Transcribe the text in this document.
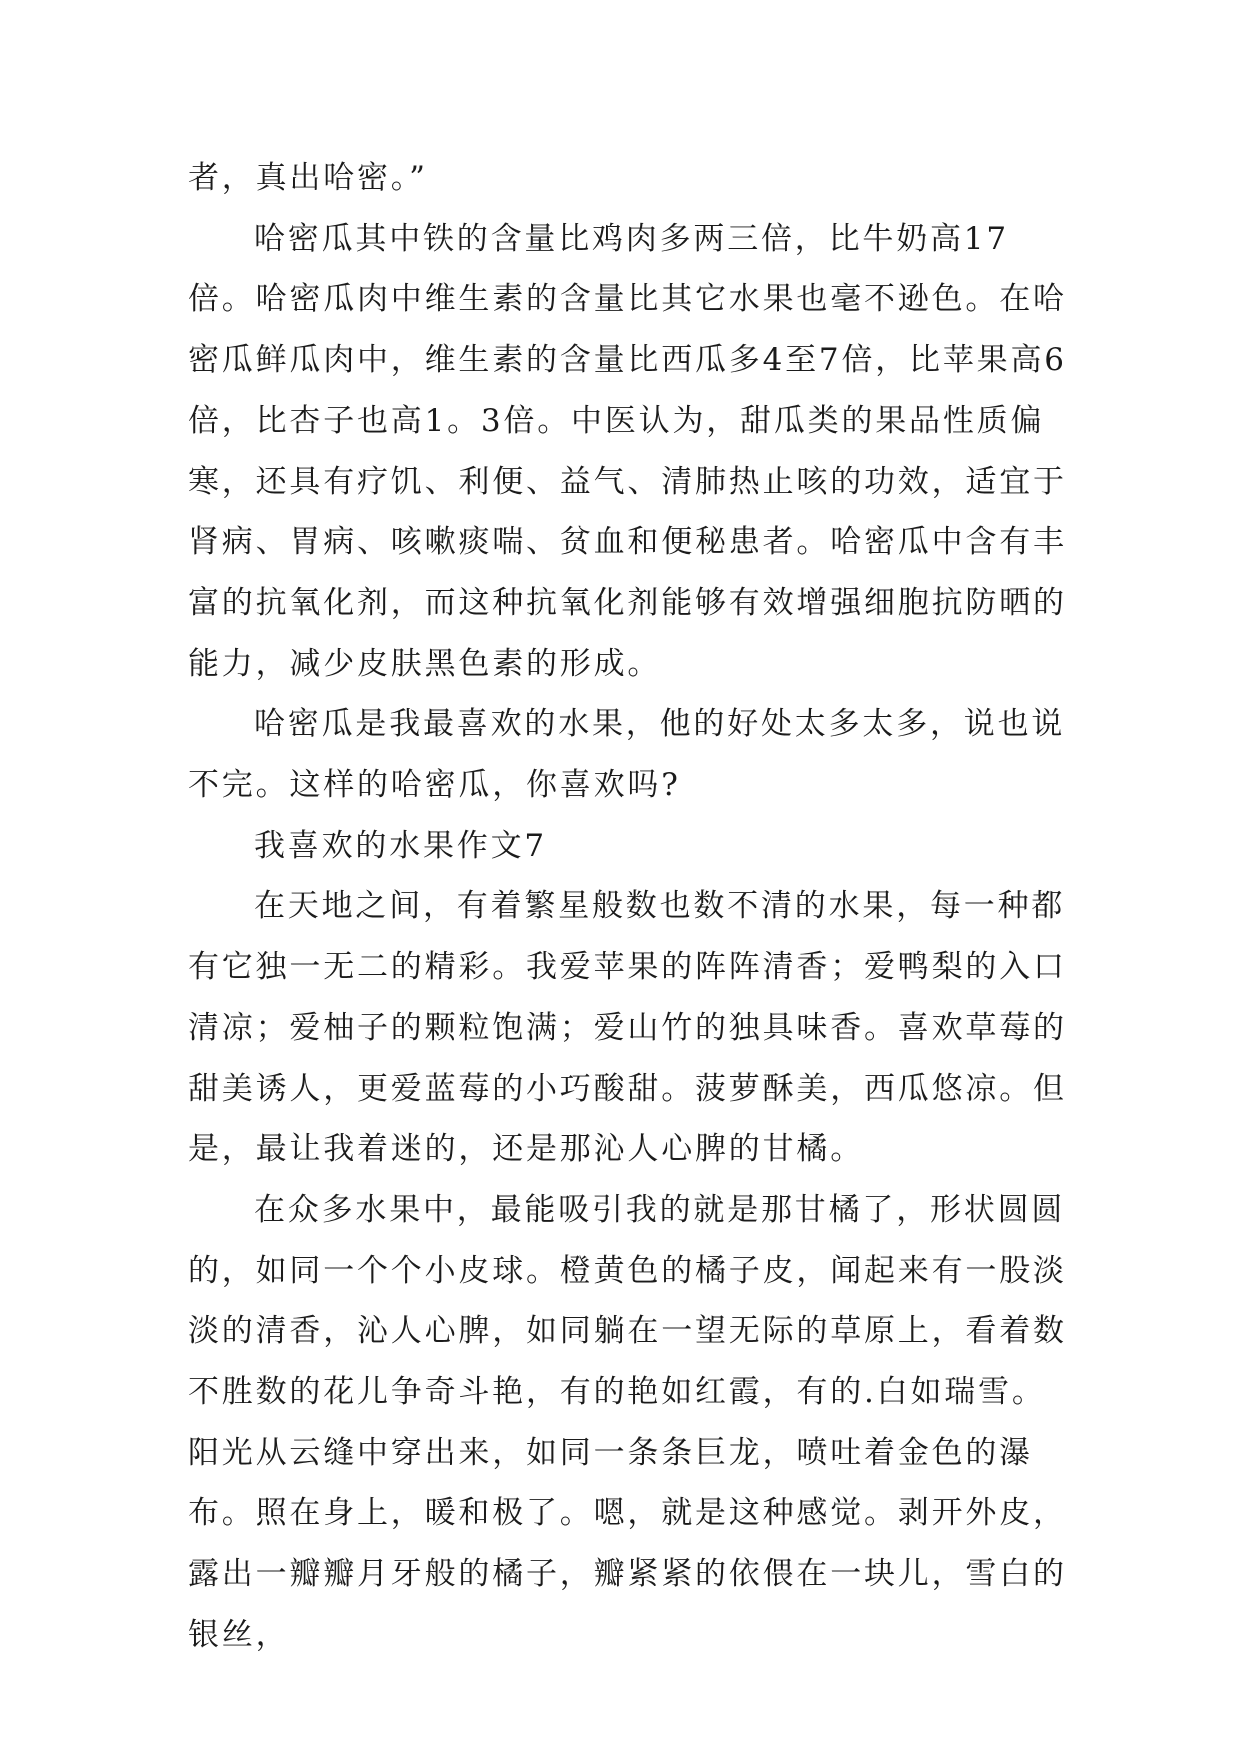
者，真出哈密。”

哈密瓜其中铁的含量比鸡肉多两三倍，比牛奶高17倍。哈密瓜肉中维生素的含量比其它水果也毫不逊色。在哈密瓜鲜瓜肉中，维生素的含量比西瓜多4至7倍，比苹果高6倍，比杏子也高1。3倍。中医认为，甜瓜类的果品性质偏寒，还具有疗饥、利便、益气、清肺热止咳的功效，适宜于肾病、胃病、咳嗽痰喘、贫血和便秘患者。哈密瓜中含有丰富的抗氧化剂，而这种抗氧化剂能够有效增强细胞抗防晒的能力，减少皮肤黑色素的形成。

哈密瓜是我最喜欢的水果，他的好处太多太多，说也说不完。这样的哈密瓜，你喜欢吗?

我喜欢的水果作文7

在天地之间，有着繁星般数也数不清的水果，每一种都有它独一无二的精彩。我爱苹果的阵阵清香；爱鸭梨的入口清凉；爱柚子的颗粒饱满；爱山竹的独具味香。喜欢草莓的甜美诱人，更爱蓝莓的小巧酸甜。菠萝酥美，西瓜悠凉。但是，最让我着迷的，还是那沁人心脾的甘橘。

在众多水果中，最能吸引我的就是那甘橘了，形状圆圆的，如同一个个小皮球。橙黄色的橘子皮，闻起来有一股淡淡的清香，沁人心脾，如同躺在一望无际的草原上，看着数不胜数的花儿争奇斗艳，有的艳如红霞，有的.白如瑞雪。阳光从云缝中穿出来，如同一条条巨龙，喷吐着金色的瀑布。照在身上，暖和极了。嗯，就是这种感觉。剥开外皮，露出一瓣瓣月牙般的橘子，瓣紧紧的依偎在一块儿，雪白的银丝，
